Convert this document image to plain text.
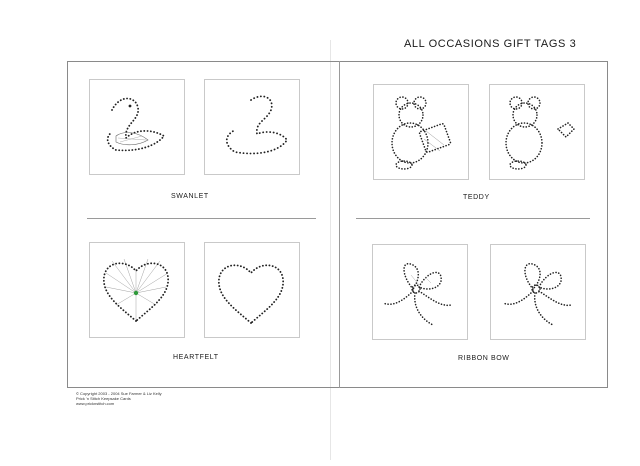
ALL OCCASIONS GIFT TAGS 3
SWANLET	TEDDY
HEARTFELT	RIBBON BOW
© Copyright 2003 - 2004 Sue Farmer & Liz Kelly
Prick 'n Stitch Keepsake Cards
www.pricknstitch.com
